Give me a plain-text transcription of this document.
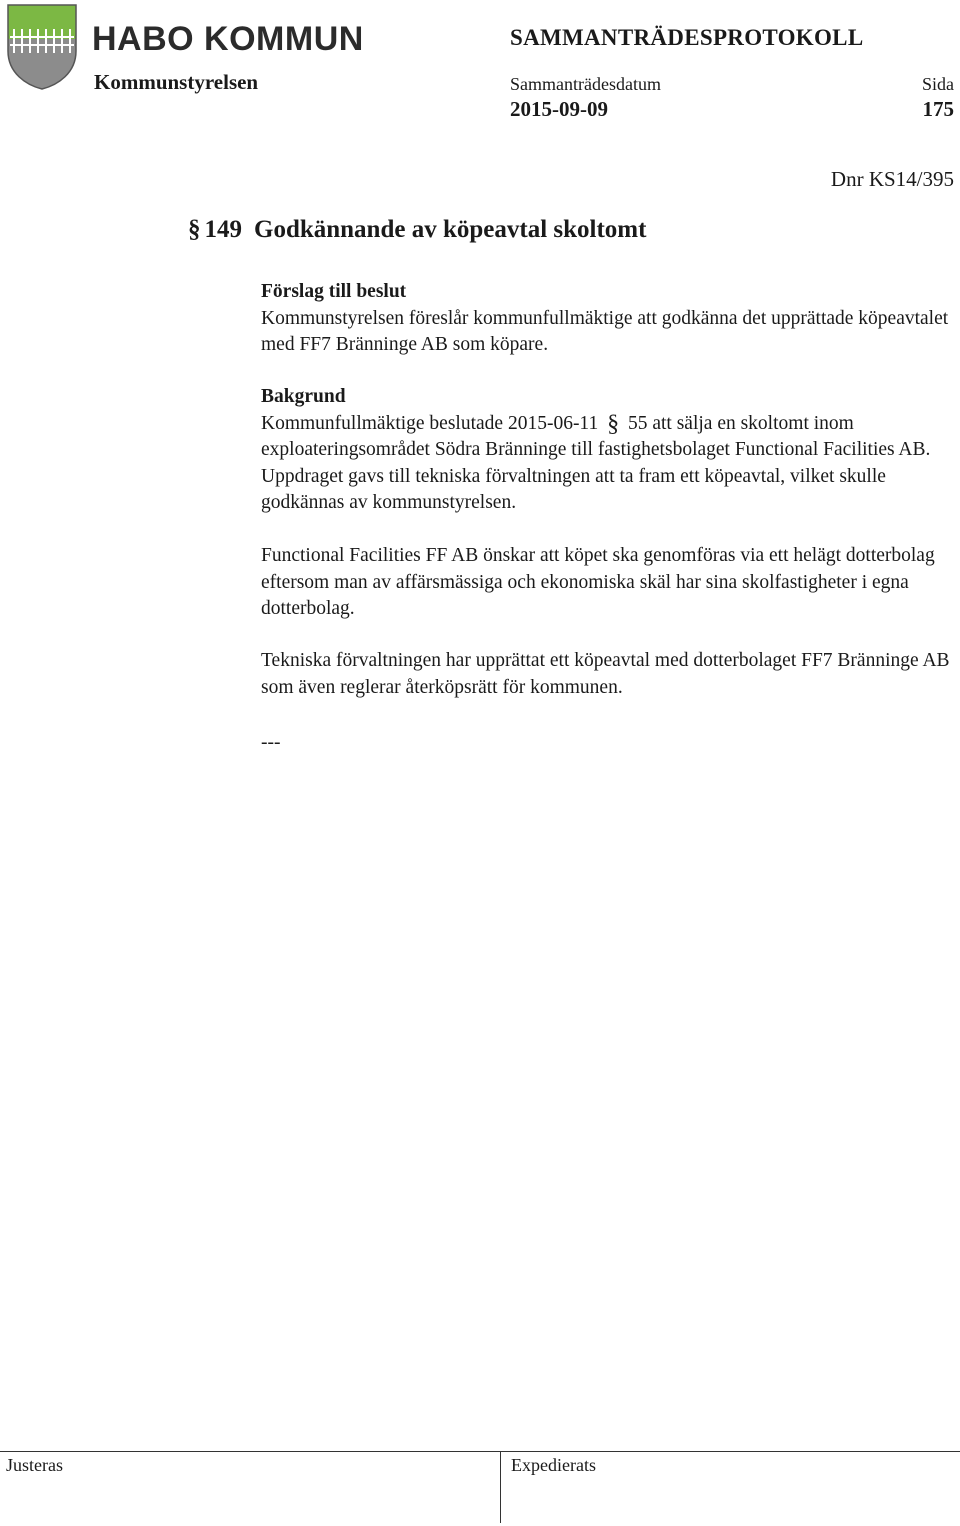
HABO KOMMUN
Kommunstyrelsen
SAMMANTRÄDESPROTOKOLL
Sammanträdesdatum
2015-09-09
Sida
175
Dnr KS14/395
§ 149 Godkännande av köpeavtal skoltomt

Förslag till beslut

Kommunstyrelsen föreslår kommunfullmäktige att godkänna det upprättade köpeavtalet med FF7 Bränninge AB som köpare.

Bakgrund

Kommunfullmäktige beslutade 2015-06-11 § 55 att sälja en skoltomt inom exploateringsområdet Södra Bränninge till fastighetsbolaget Functional Facilities AB. Uppdraget gavs till tekniska förvaltningen att ta fram ett köpeavtal, vilket skulle godkännas av kommunstyrelsen.

Functional Facilities FF AB önskar att köpet ska genomföras via ett helägt dotterbolag eftersom man av affärsmässiga och ekonomiska skäl har sina skolfastigheter i egna dotterbolag.

Tekniska förvaltningen har upprättat ett köpeavtal med dotterbolaget FF7 Bränninge AB som även reglerar återköpsrätt för kommunen.

---

Justeras	Expedierats
